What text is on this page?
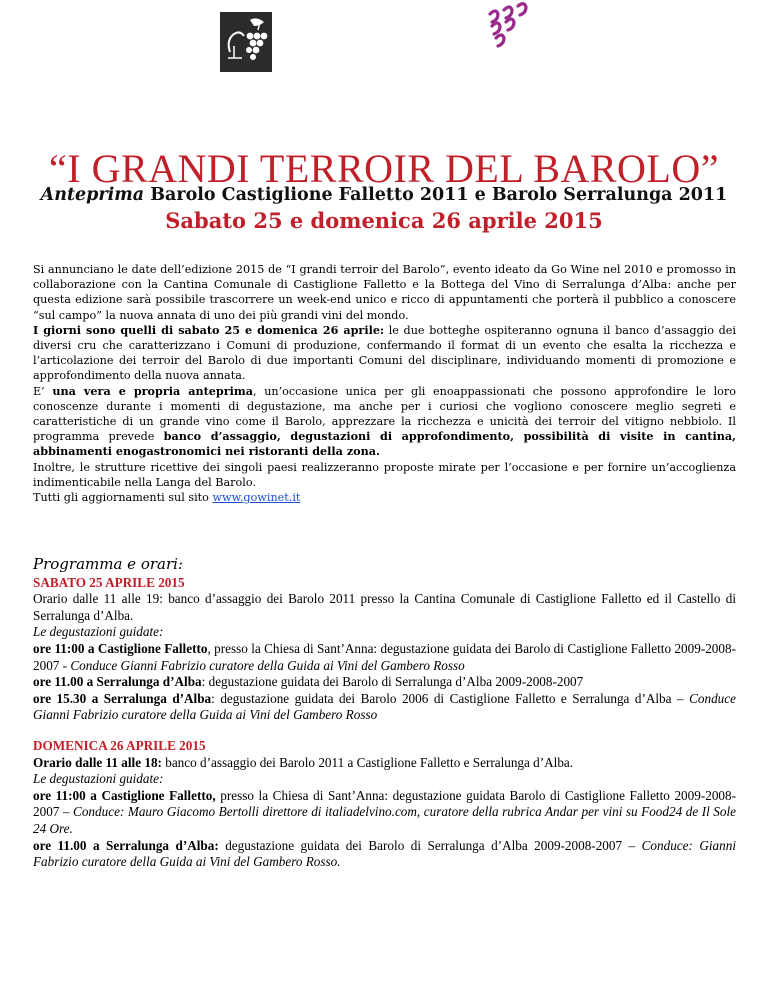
“I GRANDI TERROIR DEL BAROLO”
Anteprima Barolo Castiglione Falletto 2011 e Barolo Serralunga 2011
Sabato 25 e domenica 26 aprile 2015

Si annunciano le date dell’edizione 2015 de “I grandi terroir del Barolo”, evento ideato da Go Wine nel 2010 e promosso in collaborazione con la Cantina Comunale di Castiglione Falletto e la Bottega del Vino di Serralunga d’Alba: anche per questa edizione sarà possibile trascorrere un week-end unico e ricco di appuntamenti che porterà il pubblico a conoscere “sul campo” la nuova annata di uno dei più grandi vini del mondo.

I giorni sono quelli di sabato 25 e domenica 26 aprile: le due botteghe ospiteranno ognuna il banco d’assaggio dei diversi cru che caratterizzano i Comuni di produzione, confermando il format di un evento che esalta la ricchezza e l’articolazione dei terroir del Barolo di due importanti Comuni del disciplinare, individuando momenti di promozione e approfondimento della nuova annata.

E’ una vera e propria anteprima, un’occasione unica per gli enoappassionati che possono approfondire le loro conoscenze durante i momenti di degustazione, ma anche per i curiosi che vogliono conoscere meglio segreti e caratteristiche di un grande vino come il Barolo, apprezzare la ricchezza e unicità dei terroir del vitigno nebbiolo. Il programma prevede banco d’assaggio, degustazioni di approfondimento, possibilità di visite in cantina, abbinamenti enogastronomici nei ristoranti della zona.

Inoltre, le strutture ricettive dei singoli paesi realizzeranno proposte mirate per l’occasione e per fornire un’accoglienza indimenticabile nella Langa del Barolo.

Tutti gli aggiornamenti sul sito www.gowinet.it

Programma e orari:

SABATO 25 APRILE 2015

Orario dalle 11 alle 19: banco d’assaggio dei Barolo 2011 presso la Cantina Comunale di Castiglione Falletto ed il Castello di Serralunga d’Alba.

Le degustazioni guidate:

ore 11:00 a Castiglione Falletto, presso la Chiesa di Sant’Anna: degustazione guidata dei Barolo di Castiglione Falletto 2009-2008-2007 - Conduce Gianni Fabrizio curatore della Guida ai Vini del Gambero Rosso

ore 11.00 a Serralunga d’Alba: degustazione guidata dei Barolo di Serralunga d’Alba 2009-2008-2007

ore 15.30 a Serralunga d’Alba: degustazione guidata dei Barolo 2006 di Castiglione Falletto e Serralunga d’Alba – Conduce Gianni Fabrizio curatore della Guida ai Vini del Gambero Rosso

DOMENICA 26 APRILE 2015

Orario dalle 11 alle 18: banco d’assaggio dei Barolo 2011 a Castiglione Falletto e Serralunga d’Alba.

Le degustazioni guidate:

ore 11:00 a Castiglione Falletto, presso la Chiesa di Sant’Anna: degustazione guidata Barolo di Castiglione Falletto 2009-2008-2007 – Conduce: Mauro Giacomo Bertolli direttore di italiadelvino.com, curatore della rubrica Andar per vini su Food24 de Il Sole 24 Ore.

ore 11.00 a Serralunga d’Alba: degustazione guidata dei Barolo di Serralunga d’Alba 2009-2008-2007 – Conduce: Gianni Fabrizio curatore della Guida ai Vini del Gambero Rosso.
